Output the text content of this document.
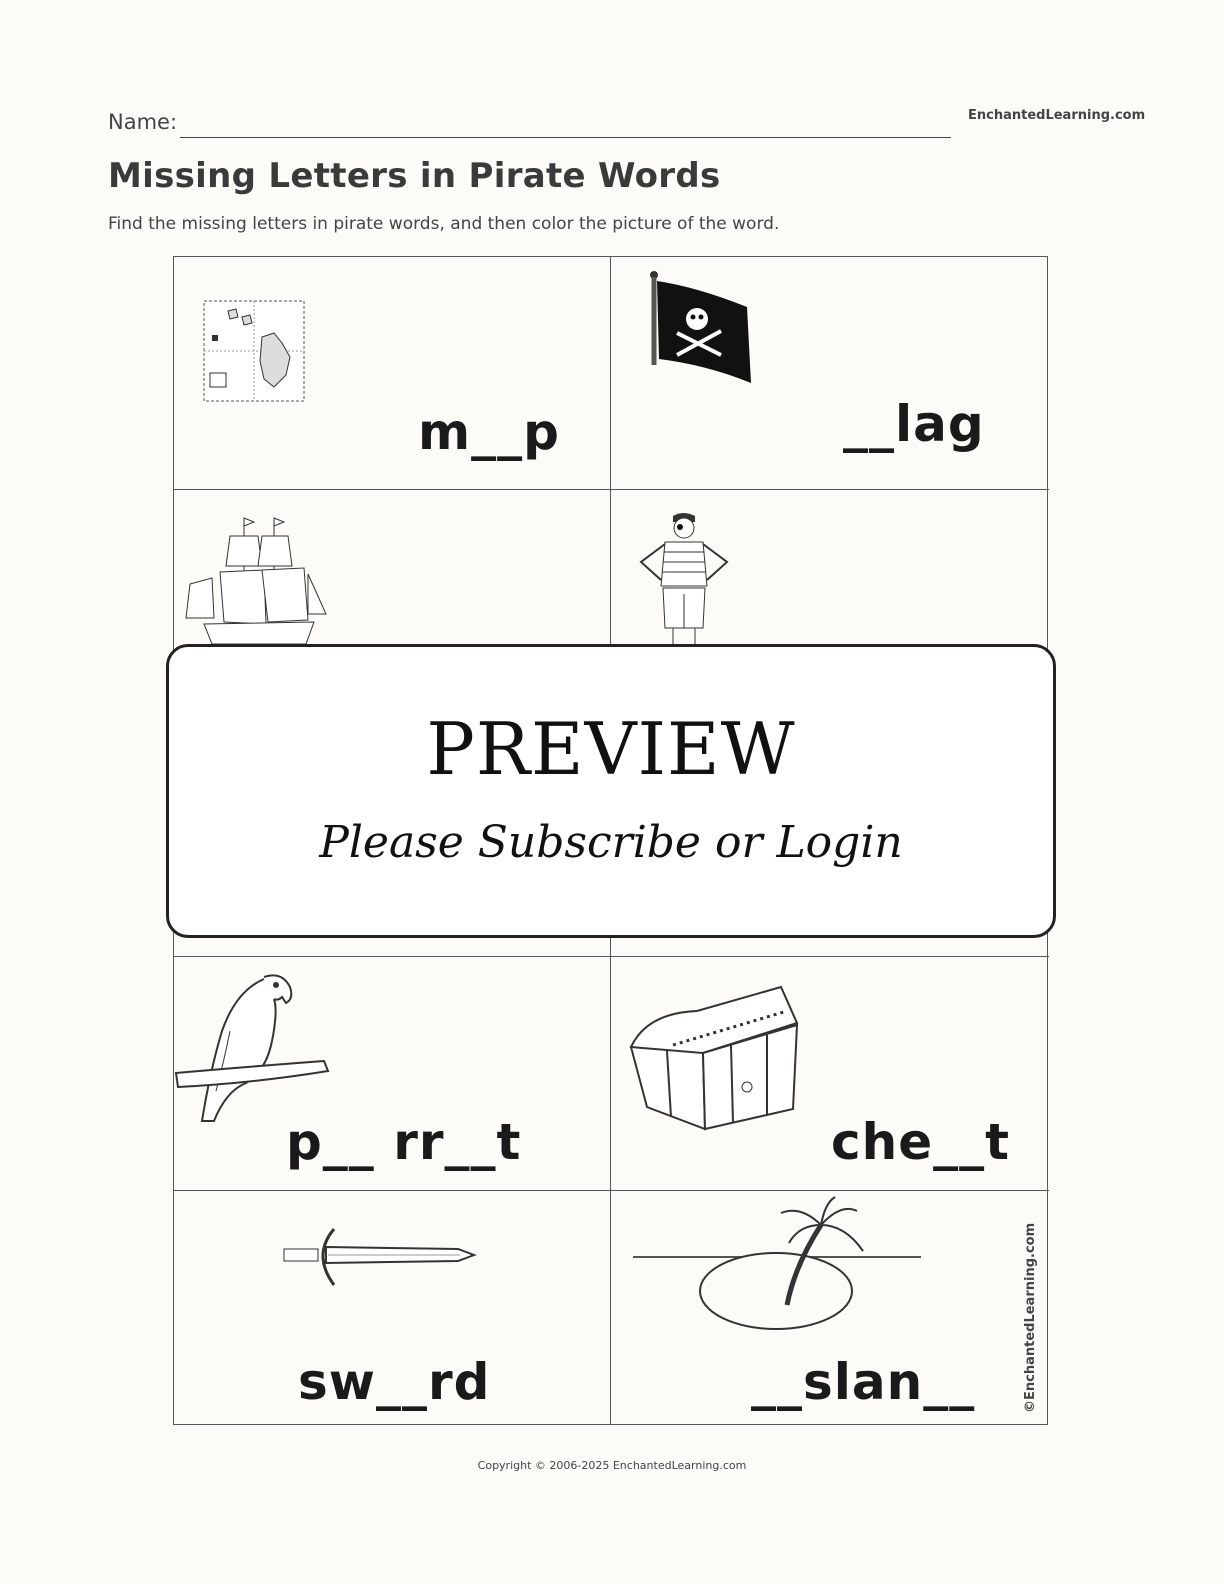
Name:	EnchantedLearning.com
Missing Letters in Pirate Words
Find the missing letters in pirate words, and then color the picture of the word.
m__p	__lag
p__ rr__t	che__t
sw__rd	__slan__
PREVIEW
Please Subscribe or Login
©EnchantedLearning.com
Copyright © 2006-2025 EnchantedLearning.com
